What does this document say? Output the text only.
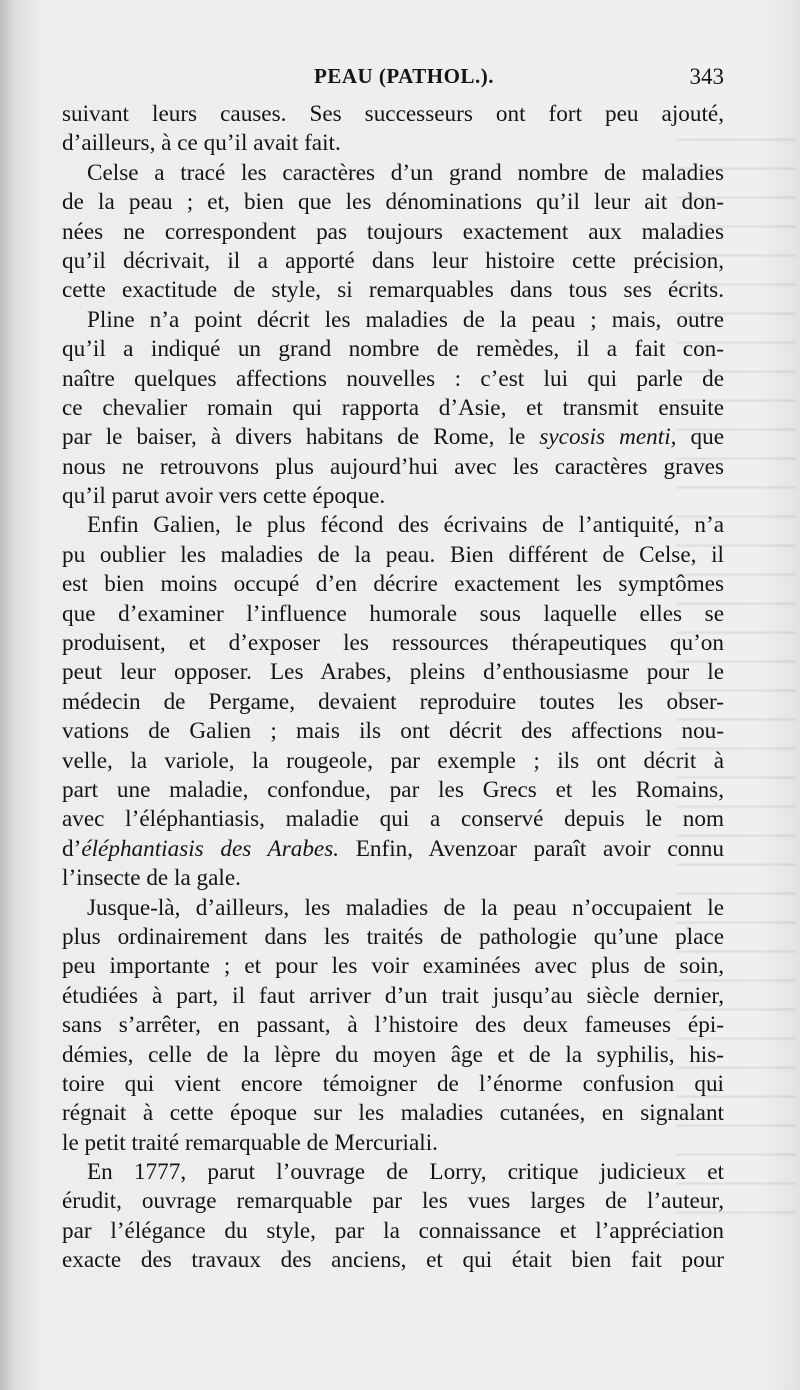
PEAU (PATHOL.).	343
suivant leurs causes. Ses successeurs ont fort peu ajouté,
d’ailleurs, à ce qu’il avait fait.
Celse a tracé les caractères d’un grand nombre de maladies
de la peau ; et, bien que les dénominations qu’il leur ait don-
nées ne correspondent pas toujours exactement aux maladies
qu’il décrivait, il a apporté dans leur histoire cette précision,
cette exactitude de style, si remarquables dans tous ses écrits.
Pline n’a point décrit les maladies de la peau ; mais, outre
qu’il a indiqué un grand nombre de remèdes, il a fait con-
naître quelques affections nouvelles : c’est lui qui parle de
ce chevalier romain qui rapporta d’Asie, et transmit ensuite
par le baiser, à divers habitans de Rome, le sycosis menti, que
nous ne retrouvons plus aujourd’hui avec les caractères graves
qu’il parut avoir vers cette époque.
Enfin Galien, le plus fécond des écrivains de l’antiquité, n’a
pu oublier les maladies de la peau. Bien différent de Celse, il
est bien moins occupé d’en décrire exactement les symptômes
que d’examiner l’influence humorale sous laquelle elles se
produisent, et d’exposer les ressources thérapeutiques qu’on
peut leur opposer. Les Arabes, pleins d’enthousiasme pour le
médecin de Pergame, devaient reproduire toutes les obser-
vations de Galien ; mais ils ont décrit des affections nou-
velle, la variole, la rougeole, par exemple ; ils ont décrit à
part une maladie, confondue, par les Grecs et les Romains,
avec l’éléphantiasis, maladie qui a conservé depuis le nom
d’éléphantiasis des Arabes. Enfin, Avenzoar paraît avoir connu
l’insecte de la gale.
Jusque-là, d’ailleurs, les maladies de la peau n’occupaient le
plus ordinairement dans les traités de pathologie qu’une place
peu importante ; et pour les voir examinées avec plus de soin,
étudiées à part, il faut arriver d’un trait jusqu’au siècle dernier,
sans s’arrêter, en passant, à l’histoire des deux fameuses épi-
démies, celle de la lèpre du moyen âge et de la syphilis, his-
toire qui vient encore témoigner de l’énorme confusion qui
régnait à cette époque sur les maladies cutanées, en signalant
le petit traité remarquable de Mercuriali.
En 1777, parut l’ouvrage de Lorry, critique judicieux et
érudit, ouvrage remarquable par les vues larges de l’auteur,
par l’élégance du style, par la connaissance et l’appréciation
exacte des travaux des anciens, et qui était bien fait pour
